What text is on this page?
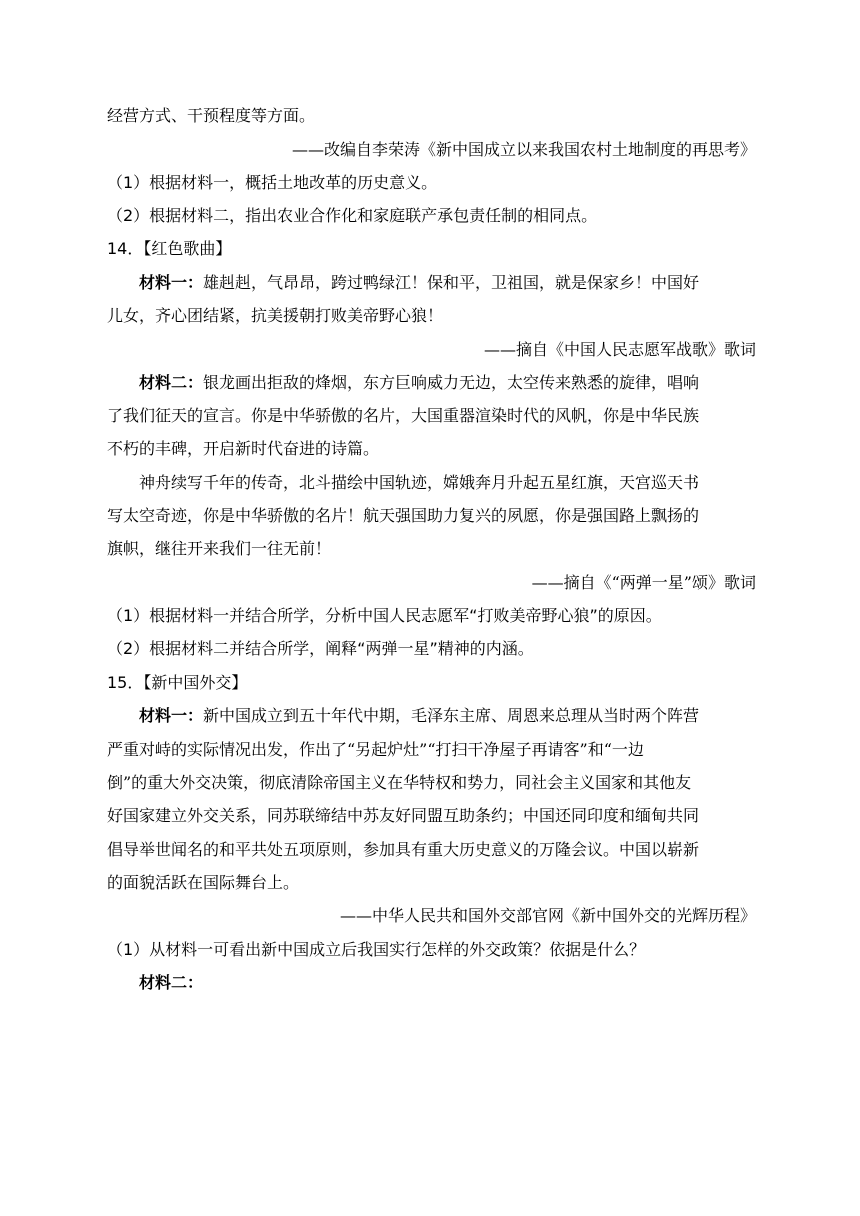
经营方式、干预程度等方面。
——改编自李荣涛《新中国成立以来我国农村土地制度的再思考》
（1）根据材料一，概括土地改革的历史意义。
（2）根据材料二，指出农业合作化和家庭联产承包责任制的相同点。
14．【红色歌曲】
材料一：雄赳赳，气昂昂，跨过鸭绿江！保和平，卫祖国，就是保家乡！中国好
儿女，齐心团结紧，抗美援朝打败美帝野心狼！
——摘自《中国人民志愿军战歌》歌词
材料二：银龙画出拒敌的烽烟，东方巨响威力无边，太空传来熟悉的旋律，唱响
了我们征天的宣言。你是中华骄傲的名片，大国重器渲染时代的风帆，你是中华民族
不朽的丰碑，开启新时代奋进的诗篇。
神舟续写千年的传奇，北斗描绘中国轨迹，嫦娥奔月升起五星红旗，天宫巡天书
写太空奇迹，你是中华骄傲的名片！航天强国助力复兴的夙愿，你是强国路上飘扬的
旗帜，继往开来我们一往无前！
——摘自《“两弹一星”颂》歌词
（1）根据材料一并结合所学，分析中国人民志愿军“打败美帝野心狼”的原因。
（2）根据材料二并结合所学，阐释“两弹一星”精神的内涵。
15．【新中国外交】
材料一：新中国成立到五十年代中期，毛泽东主席、周恩来总理从当时两个阵营
严重对峙的实际情况出发，作出了“另起炉灶”“打扫干净屋子再请客”和“一边
倒”的重大外交决策，彻底清除帝国主义在华特权和势力，同社会主义国家和其他友
好国家建立外交关系，同苏联缔结中苏友好同盟互助条约；中国还同印度和缅甸共同
倡导举世闻名的和平共处五项原则，参加具有重大历史意义的万隆会议。中国以崭新
的面貌活跃在国际舞台上。
——中华人民共和国外交部官网《新中国外交的光辉历程》
（1）从材料一可看出新中国成立后我国实行怎样的外交政策？依据是什么？
材料二：
